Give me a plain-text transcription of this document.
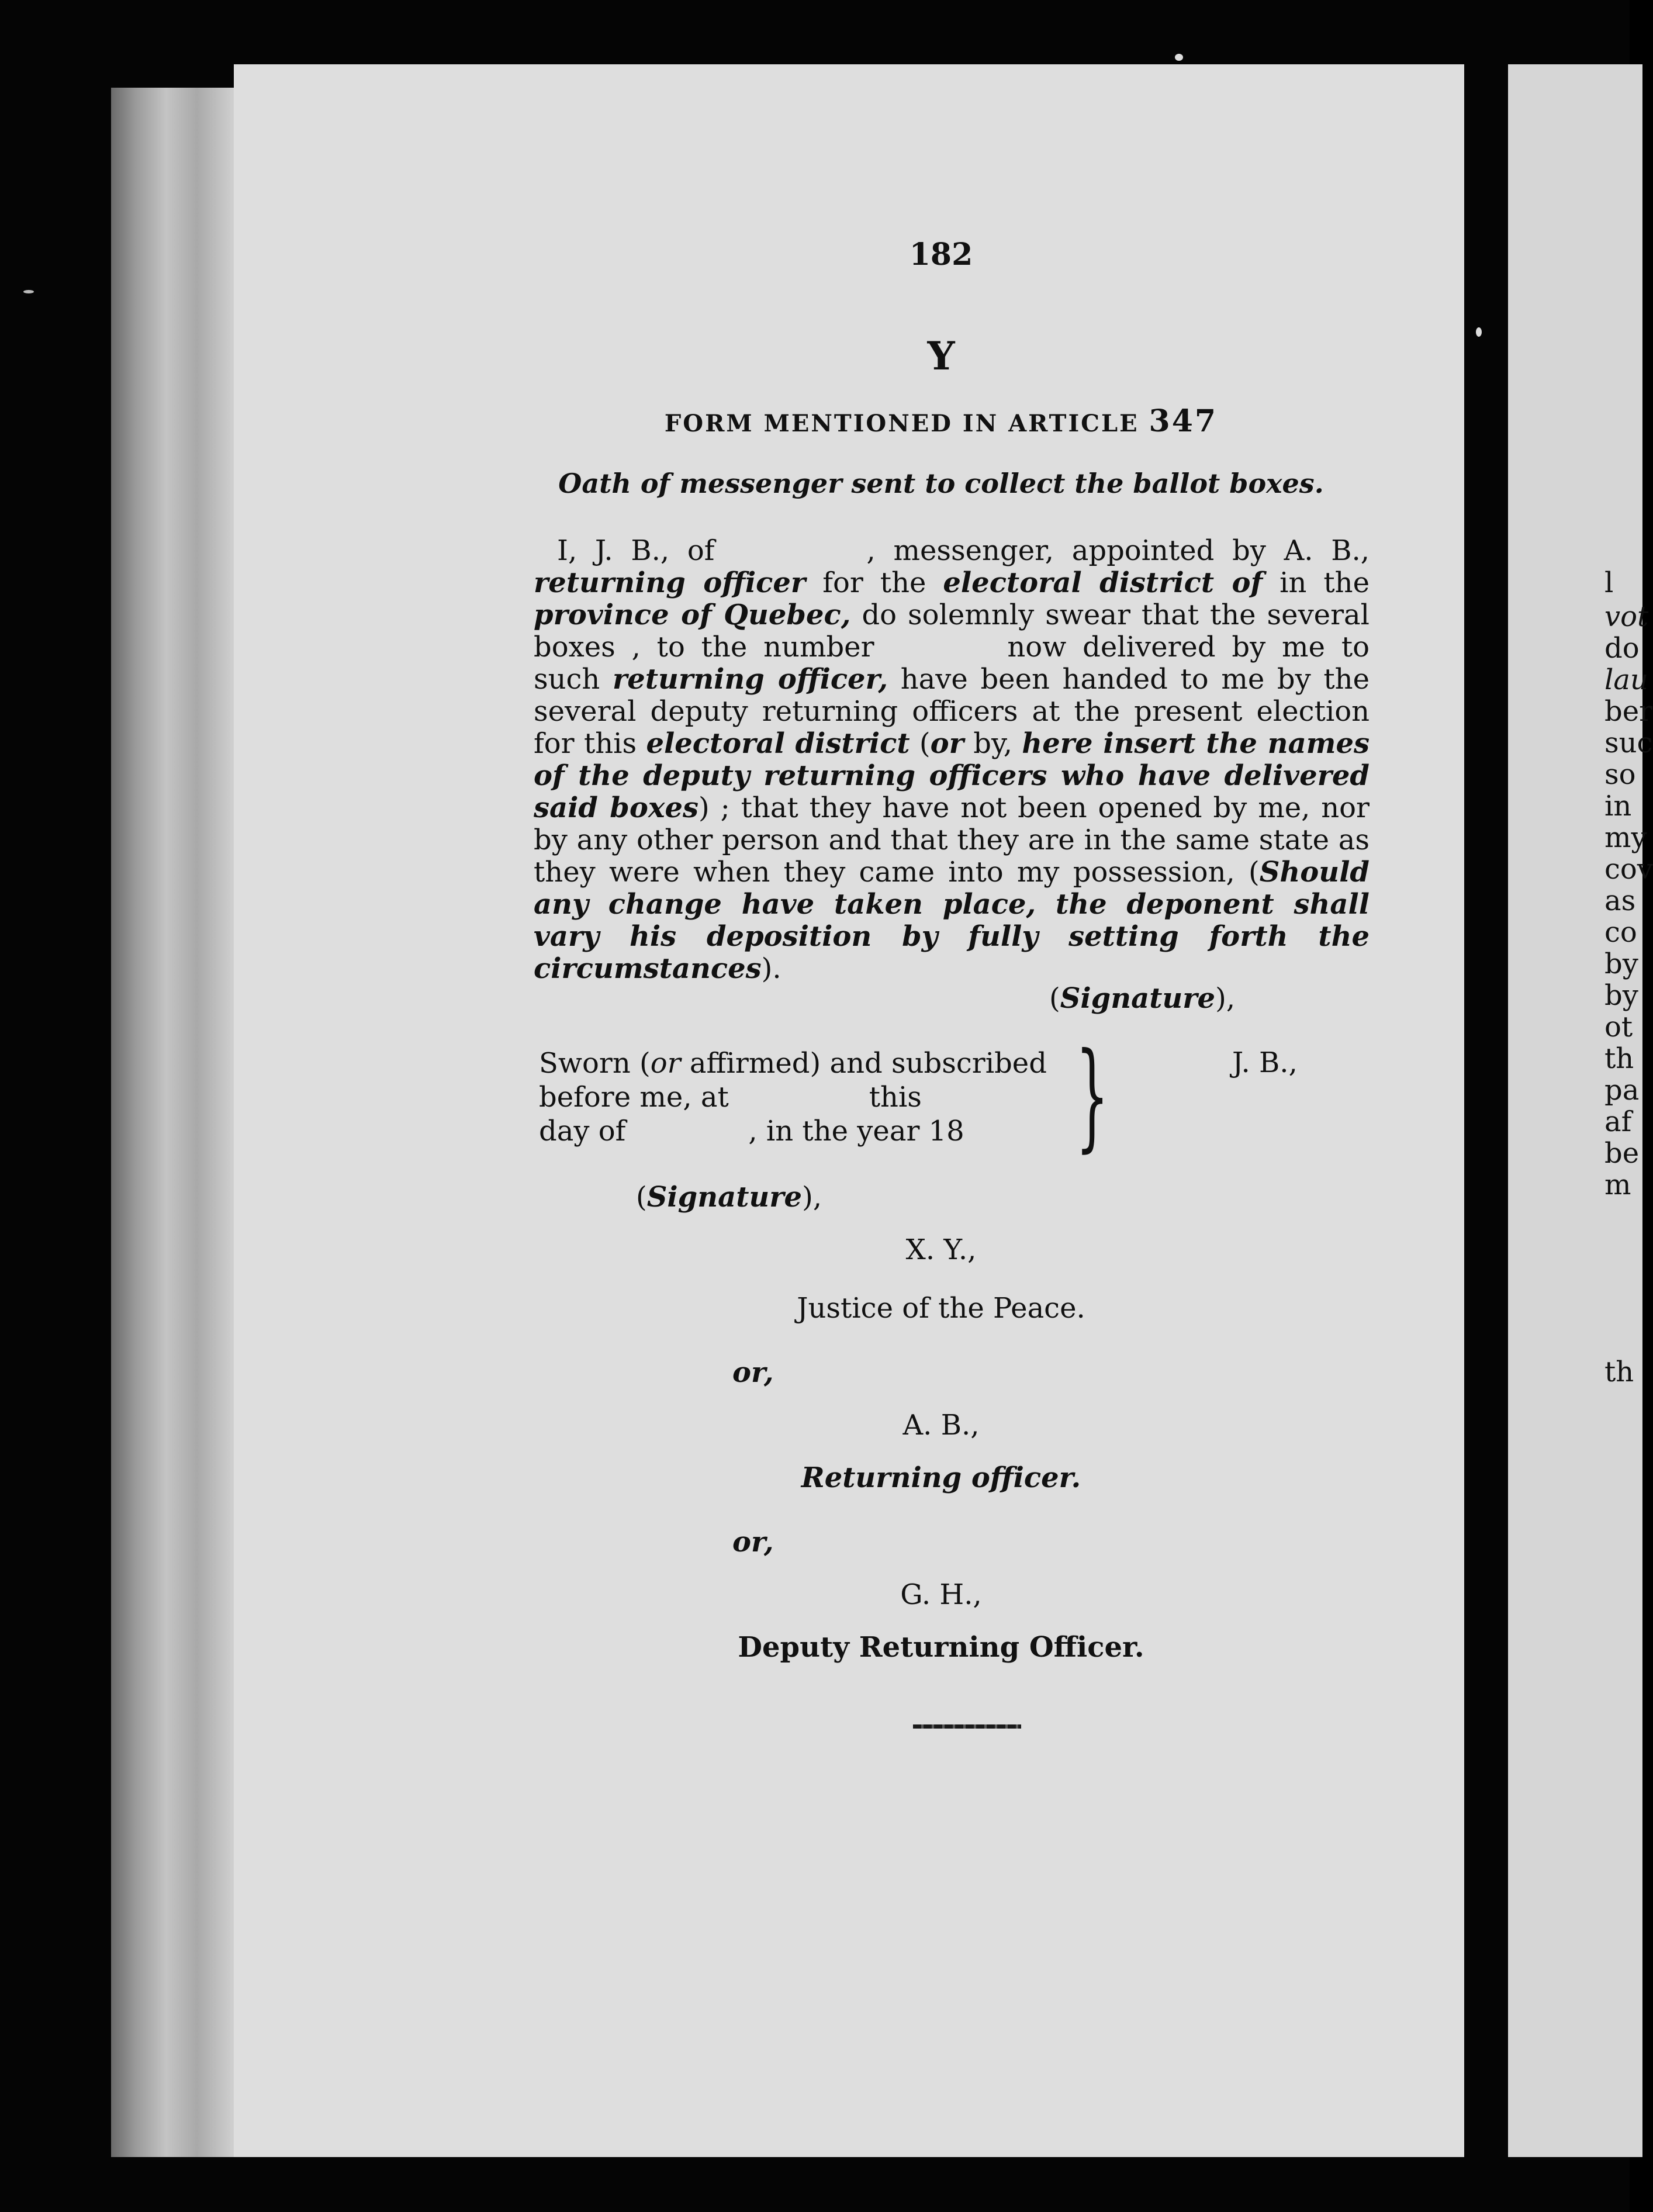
l
vot
do
lau
ber
suc
so
in
my
cov
as
co
by
by
ot
th
pa
af
be
m
th
182
Y
FORM MENTIONED IN ARTICLE 347
Oath of messenger sent to collect the ballot boxes.

I, J. B., of	, messenger, appointed by A. B., returning officer for the electoral district of in the province of Quebec, do solemnly swear that the several boxes , to the number	now delivered by me to such returning officer, have been handed to me by the several deputy returning officers at the present election for this electoral district (or by, here insert the names of the deputy returning officers who have delivered said boxes) ; that they have not been opened by me, nor by any other person and that they are in the same state as they were when they came into my possession, (Should any change have taken place, the deponent shall vary his deposition by fully setting forth the circumstances).

(Signature),
Sworn (or affirmed) and subscribed
before me, at	this
day of	, in the year 18 }	J. B.,
(Signature),
X. Y.,
Justice of the Peace.
or,
A. B.,
Returning officer.
or,
G. H.,
Deputy Returning Officer.
